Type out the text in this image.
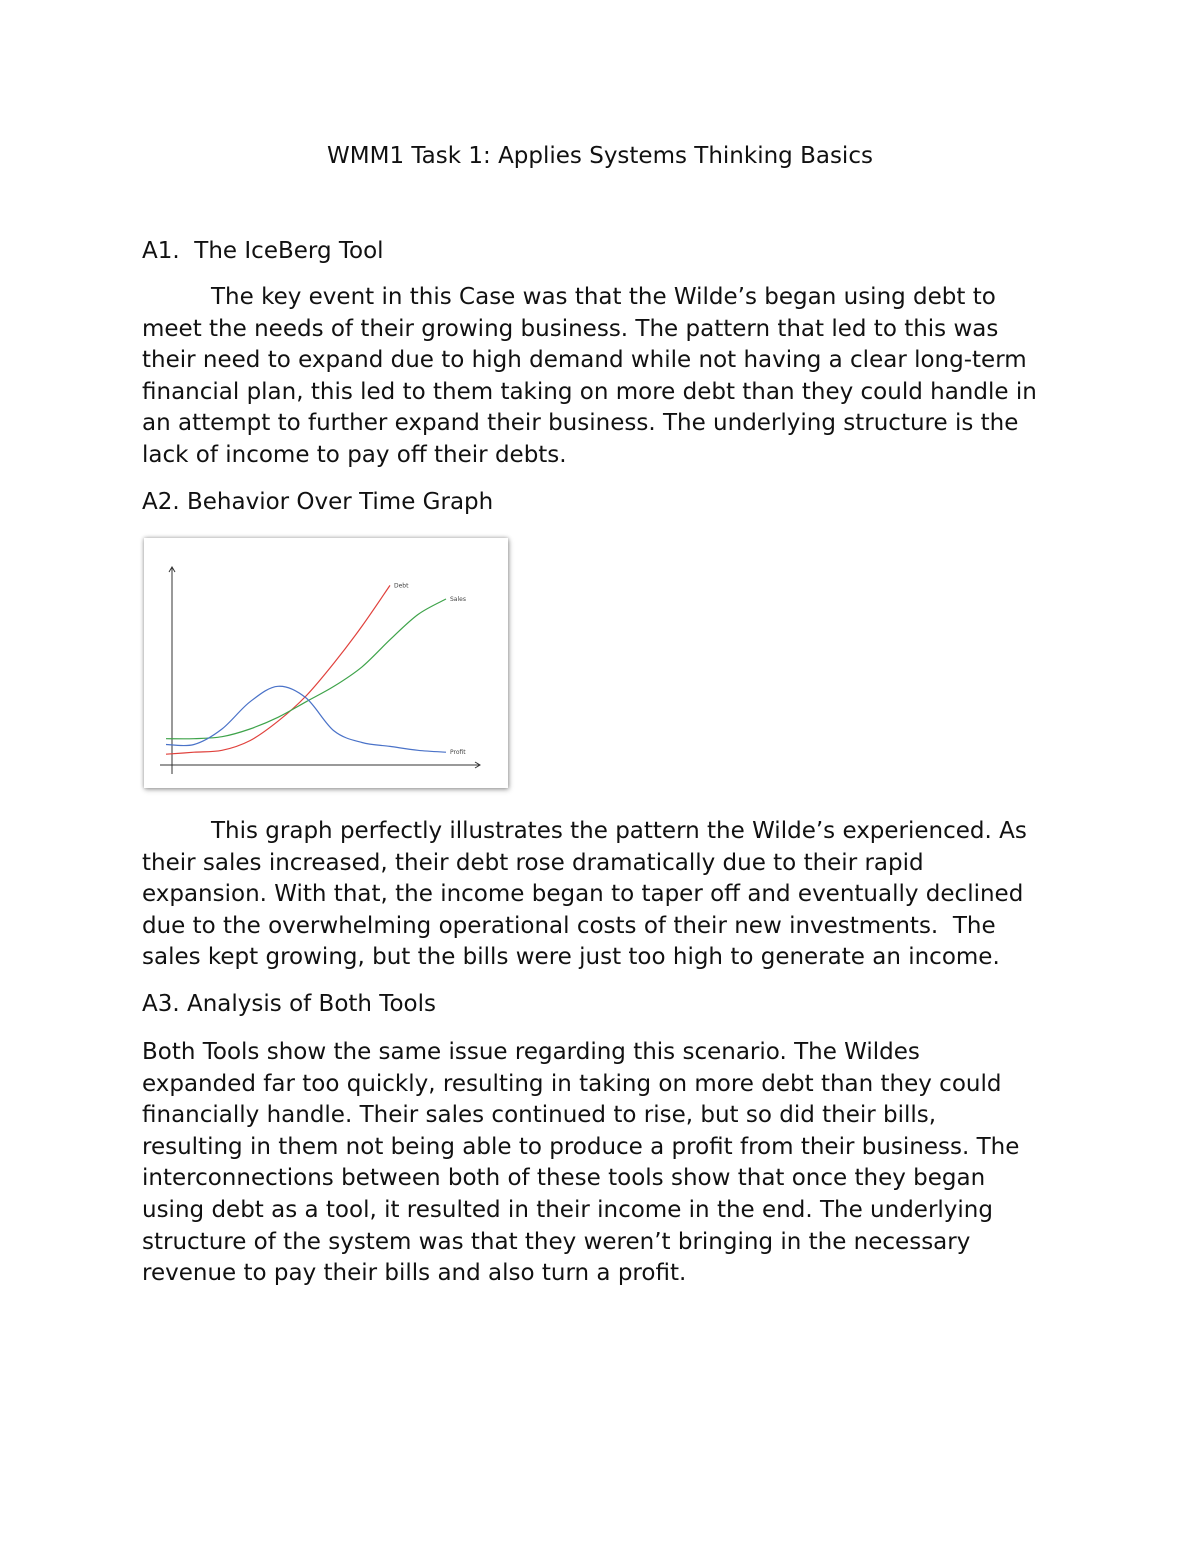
WMM1 Task 1: Applies Systems Thinking Basics
A1.  The IceBerg Tool
The key event in this Case was that the Wilde’s began using debt to
meet the needs of their growing business. The pattern that led to this was
their need to expand due to high demand while not having a clear long-term
financial plan, this led to them taking on more debt than they could handle in
an attempt to further expand their business. The underlying structure is the
lack of income to pay off their debts.
A2. Behavior Over Time Graph
Debt
Sales
Profit
This graph perfectly illustrates the pattern the Wilde’s experienced. As
their sales increased, their debt rose dramatically due to their rapid
expansion. With that, the income began to taper off and eventually declined
due to the overwhelming operational costs of their new investments.  The
sales kept growing, but the bills were just too high to generate an income.
A3. Analysis of Both Tools
Both Tools show the same issue regarding this scenario. The Wildes
expanded far too quickly, resulting in taking on more debt than they could
financially handle. Their sales continued to rise, but so did their bills,
resulting in them not being able to produce a profit from their business. The
interconnections between both of these tools show that once they began
using debt as a tool, it resulted in their income in the end. The underlying
structure of the system was that they weren’t bringing in the necessary
revenue to pay their bills and also turn a profit.
